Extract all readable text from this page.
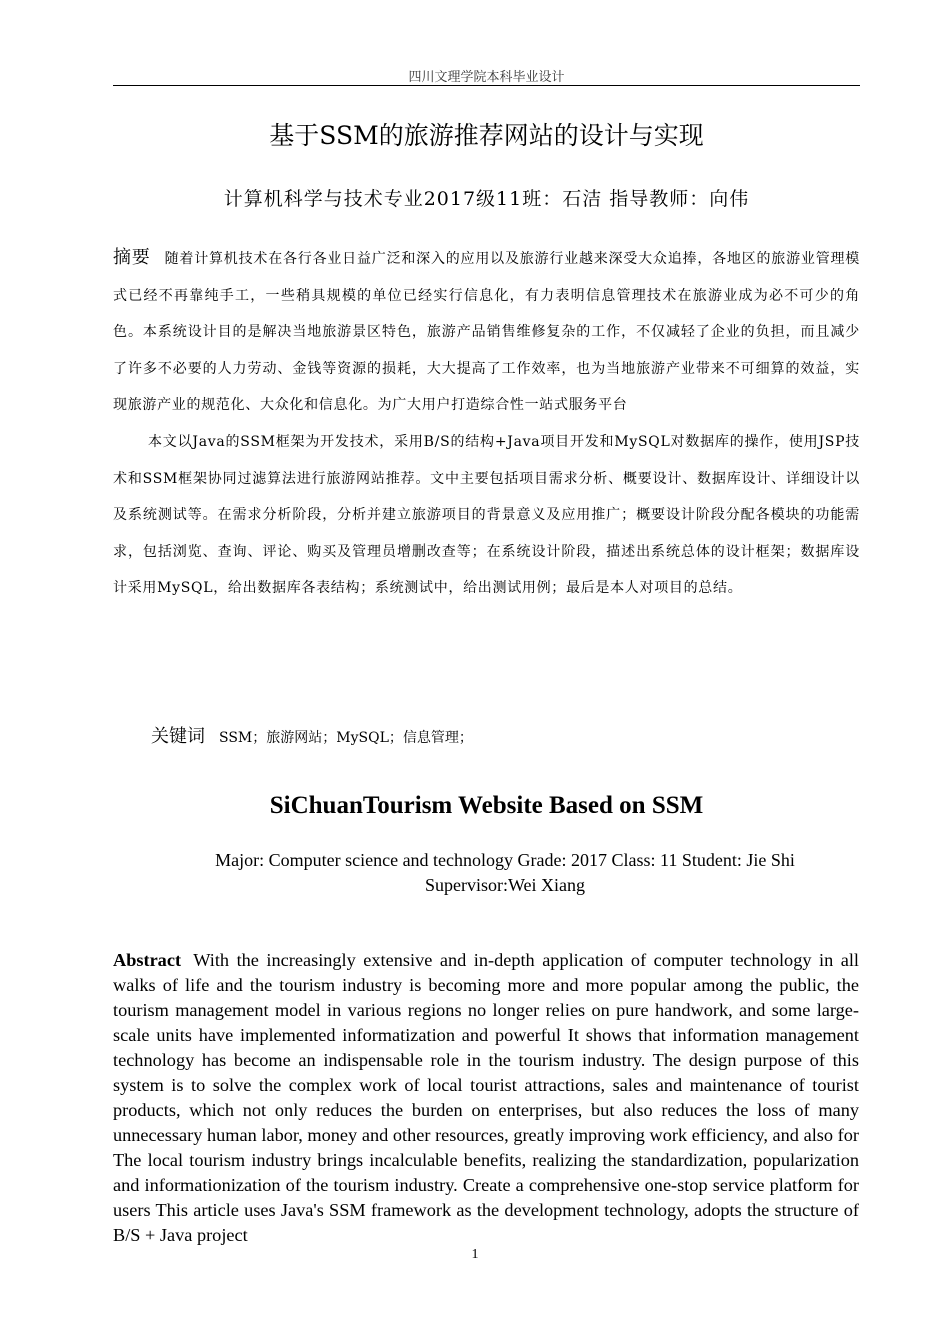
四川文理学院本科毕业设计
基于SSM的旅游推荐网站的设计与实现
计算机科学与技术专业2017级11班：石洁 指导教师：向伟

摘要 随着计算机技术在各行各业日益广泛和深入的应用以及旅游行业越来深受大众追捧，各地区的旅游业管理模式已经不再靠纯手工，一些稍具规模的单位已经实行信息化，有力表明信息管理技术在旅游业成为必不可少的角色。本系统设计目的是解决当地旅游景区特色，旅游产品销售维修复杂的工作，不仅减轻了企业的负担，而且减少了许多不必要的人力劳动、金钱等资源的损耗，大大提高了工作效率，也为当地旅游产业带来不可细算的效益，实现旅游产业的规范化、大众化和信息化。为广大用户打造综合性一站式服务平台

本文以Java的SSM框架为开发技术，采用B/S的结构+Java项目开发和MySQL对数据库的操作，使用JSP技术和SSM框架协同过滤算法进行旅游网站推荐。文中主要包括项目需求分析、概要设计、数据库设计、详细设计以及系统测试等。在需求分析阶段，分析并建立旅游项目的背景意义及应用推广；概要设计阶段分配各模块的功能需求，包括浏览、查询、评论、购买及管理员增删改查等；在系统设计阶段，描述出系统总体的设计框架；数据库设计采用MySQL，给出数据库各表结构；系统测试中，给出测试用例；最后是本人对项目的总结。

关键词 SSM；旅游网站；MySQL；信息管理；
SiChuanTourism Website Based on SSM
Major: Computer science and technology Grade: 2017 Class: 11 Student: Jie Shi
Supervisor:Wei Xiang
Abstract With the increasingly extensive and in-depth application of computer technology in all walks of life and the tourism industry is becoming more and more popular among the public, the tourism management model in various regions no longer relies on pure handwork, and some large-scale units have implemented informatization and powerful It shows that information management technology has become an indispensable role in the tourism industry. The design purpose of this system is to solve the complex work of local tourist attractions, sales and maintenance of tourist products, which not only reduces the burden on enterprises, but also reduces the loss of many unnecessary human labor, money and other resources, greatly improving work efficiency, and also for The local tourism industry brings incalculable benefits, realizing the standardization, popularization and informationization of the tourism industry. Create a comprehensive one-stop service platform for users This article uses Java's SSM framework as the development technology, adopts the structure of B/S + Java project
1
